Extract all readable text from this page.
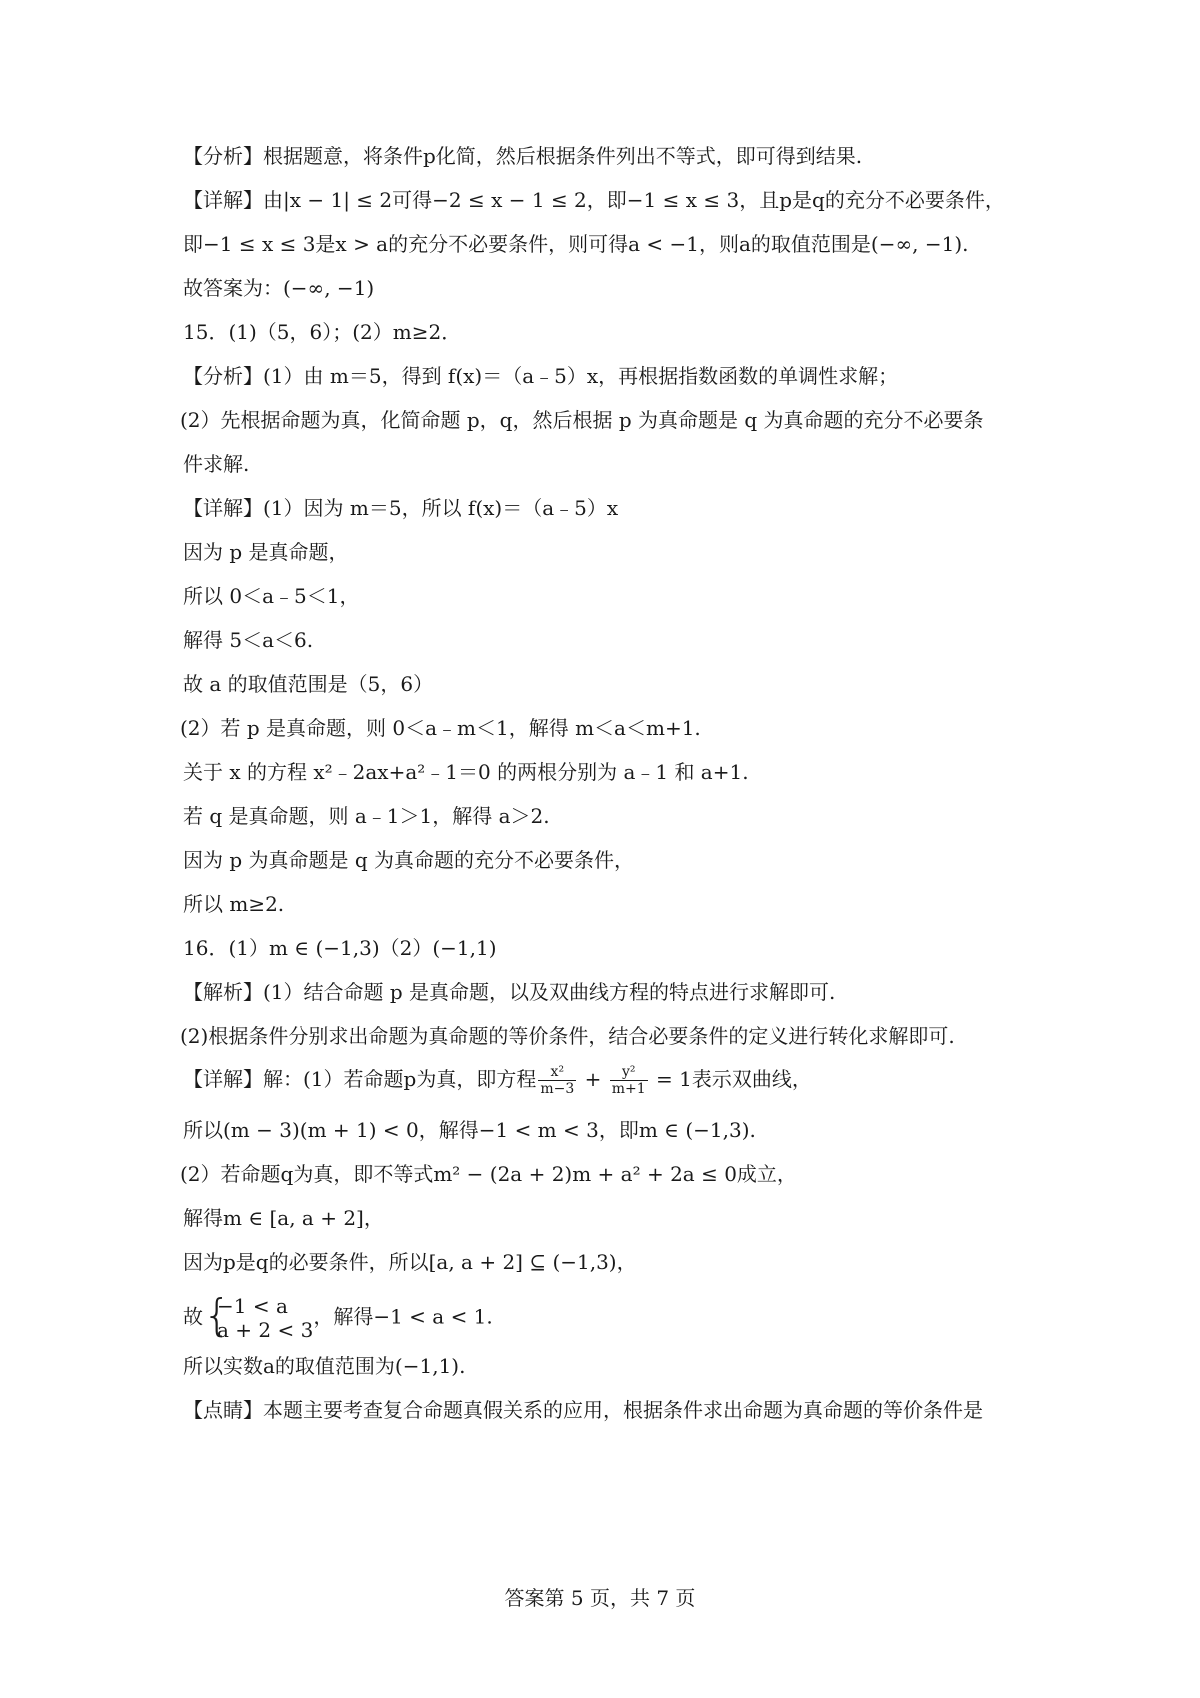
【分析】根据题意，将条件p化简，然后根据条件列出不等式，即可得到结果.
【详解】由|x − 1| ≤ 2可得−2 ≤ x − 1 ≤ 2，即−1 ≤ x ≤ 3，且p是q的充分不必要条件，
即−1 ≤ x ≤ 3是x > a的充分不必要条件，则可得a < −1，则a的取值范围是(−∞, −1).
故答案为：(−∞, −1)
15．(1)（5，6）；(2）m≥2．
【分析】(1）由 m＝5，得到 f(x)＝（a﹣5）x，再根据指数函数的单调性求解；
(2）先根据命题为真，化简命题 p，q，然后根据 p 为真命题是 q 为真命题的充分不必要条
件求解.
【详解】(1）因为 m＝5，所以 f(x)＝（a﹣5）x
因为 p 是真命题，
所以 0＜a﹣5＜1，
解得 5＜a＜6.
故 a 的取值范围是（5，6）
(2）若 p 是真命题，则 0＜a﹣m＜1，解得 m＜a＜m+1.
关于 x 的方程 x²﹣2ax+a²﹣1＝0 的两根分别为 a﹣1 和 a+1.
若 q 是真命题，则 a﹣1＞1，解得 a＞2.
因为 p 为真命题是 q 为真命题的充分不必要条件，
所以 m≥2.
16．(1）m ∈ (−1,3)（2）(−1,1)
【解析】(1）结合命题 p 是真命题，以及双曲线方程的特点进行求解即可.
(2)根据条件分别求出命题为真命题的等价条件，结合必要条件的定义进行转化求解即可.
【详解】解：(1）若命题p为真，即方程 $\frac{\text{x²}}{m-3} + \frac{\text{y²}}{m+1} = 1$表示双曲线，
所以(m − 3)(m + 1) < 0，解得−1 < m < 3，即m ∈ (−1,3).
(2）若命题q为真，即不等式m² − (2a + 2)m + a² + 2a ≤ 0成立，
解得m ∈ [a, a + 2]，
因为p是q的必要条件，所以[a, a + 2] ⊆ (−1,3)，
故 {
−1 < a
a + 2 < 3
，解得−1 < a < 1.
所以实数a的取值范围为(−1,1).
【点睛】本题主要考查复合命题真假关系的应用，根据条件求出命题为真命题的等价条件是
答案第 5 页，共 7 页
